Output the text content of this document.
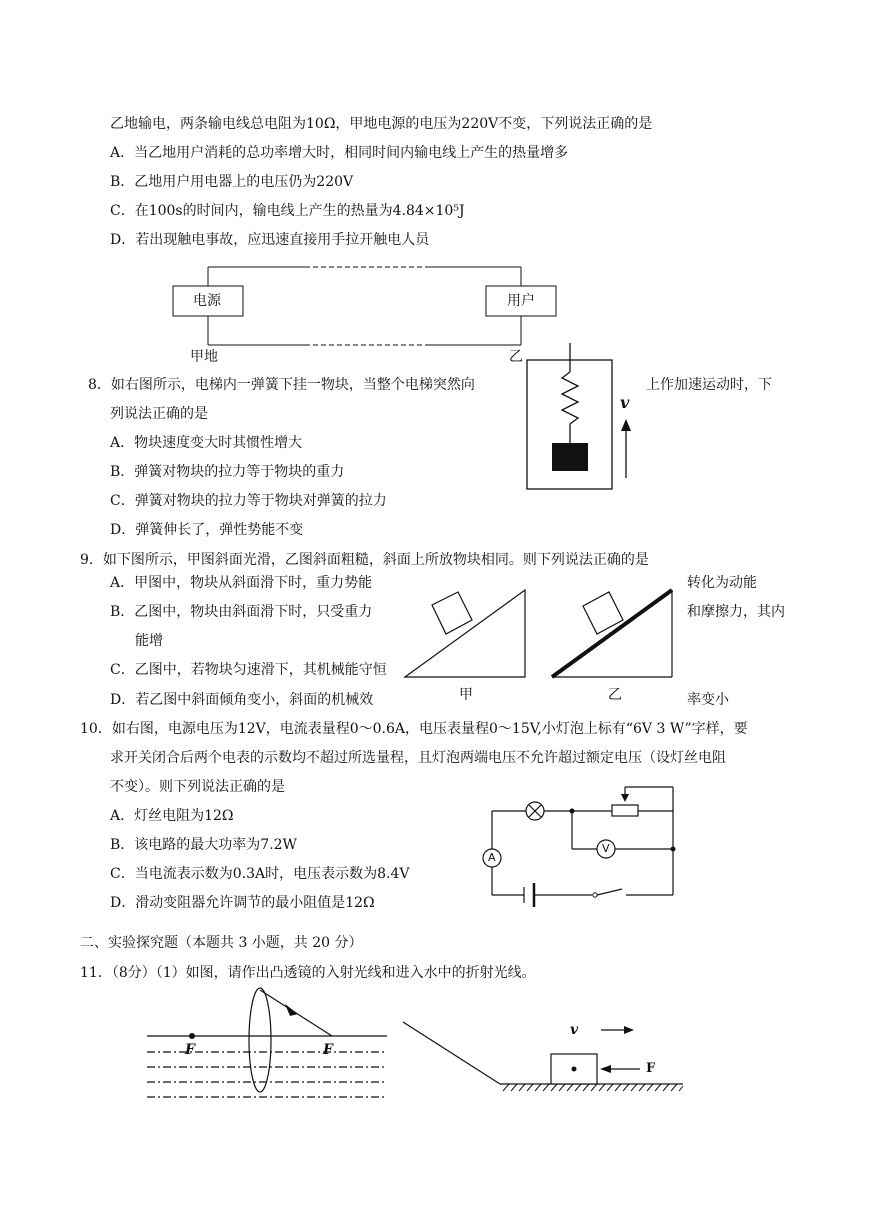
乙地输电，两条输电线总电阻为10Ω，甲地电源的电压为220V不变，下列说法正确的是
A．当乙地用户消耗的总功率增大时，相同时间内输电线上产生的热量增多
B．乙地用户用电器上的电压仍为220V
C．在100s的时间内，输电线上产生的热量为4.84×10⁵J
D．若出现触电事故，应迅速直接用手拉开触电人员
电源	用户
甲地	乙
8．如右图所示，电梯内一弹簧下挂一物块，当整个电梯突然向	上作加速运动时，下
列说法正确的是
A．物块速度变大时其惯性增大
B．弹簧对物块的拉力等于物块的重力
C．弹簧对物块的拉力等于物块对弹簧的拉力
D．弹簧伸长了，弹性势能不变
v
9．如下图所示，甲图斜面光滑，乙图斜面粗糙，斜面上所放物块相同。则下列说法正确的是
A．甲图中，物块从斜面滑下时，重力势能	转化为动能
B．乙图中，物块由斜面滑下时，只受重力	和摩擦力，其内
能增
C．乙图中，若物块匀速滑下，其机械能守恒
D．若乙图中斜面倾角变小，斜面的机械效	率变小
甲	乙
10．如右图，电源电压为12V，电流表量程0～0.6A，电压表量程0～15V,小灯泡上标有“6V 3 W”字样，要
求开关闭合后两个电表的示数均不超过所选量程，且灯泡两端电压不允许超过额定电压（设灯丝电阻
不变）。则下列说法正确的是
A．灯丝电阻为12Ω
B．该电路的最大功率为7.2W
C．当电流表示数为0.3A时，电压表示数为8.4V
D．滑动变阻器允许调节的最小阻值是12Ω
A
V
二、实验探究题（本题共 3 小题，共 20 分）
11．（8分）（1）如图，请作出凸透镜的入射光线和进入水中的折射光线。
F	F
v
F
